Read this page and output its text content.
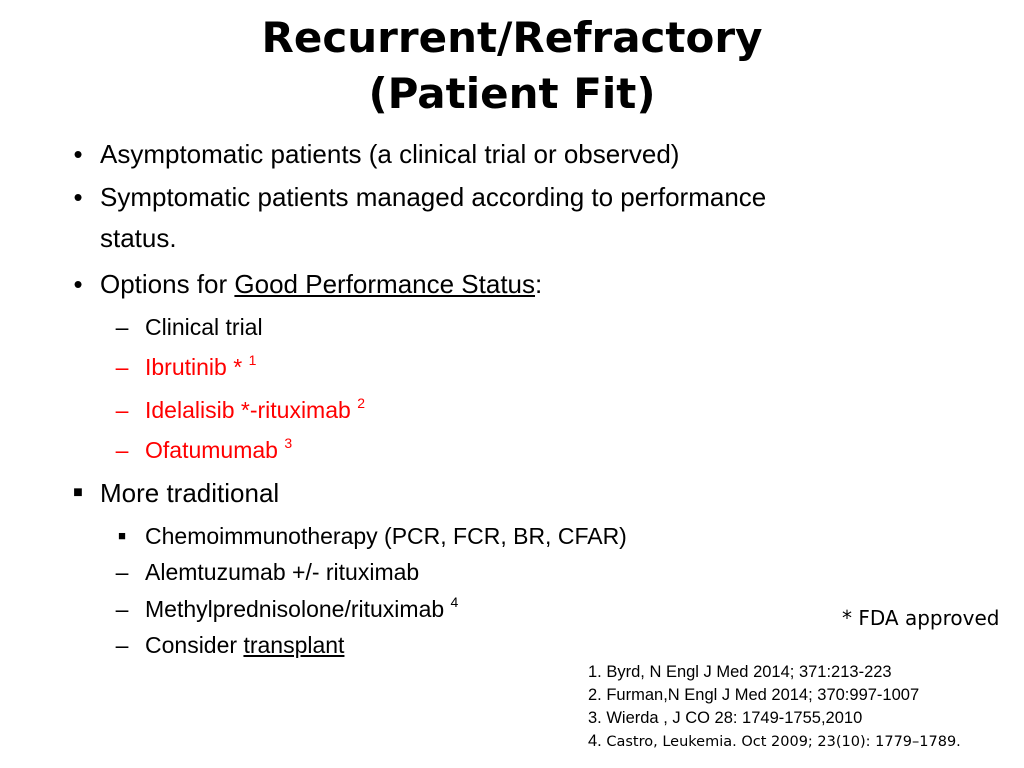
Recurrent/Refractory
(Patient Fit)
• Asymptomatic patients (a clinical trial or observed)
• Symptomatic patients managed according to performance
status.
• Options for Good Performance Status:
– Clinical trial
– Ibrutinib * $^1$
– Idelalisib *-rituximab $^2$
– Ofatumumab $^3$
■ More traditional
■ Chemoimmunotherapy (PCR, FCR, BR, CFAR)
– Alemtuzumab +/- rituximab
– Methylprednisolone/rituximab $^4$
– Consider transplant
* FDA approved
1. Byrd, N Engl J Med 2014; 371:213-223
2. Furman,N Engl J Med 2014; 370:997-1007
3. Wierda , J CO 28: 1749-1755,2010
4. Castro, Leukemia. Oct 2009; 23(10): 1779–1789.
